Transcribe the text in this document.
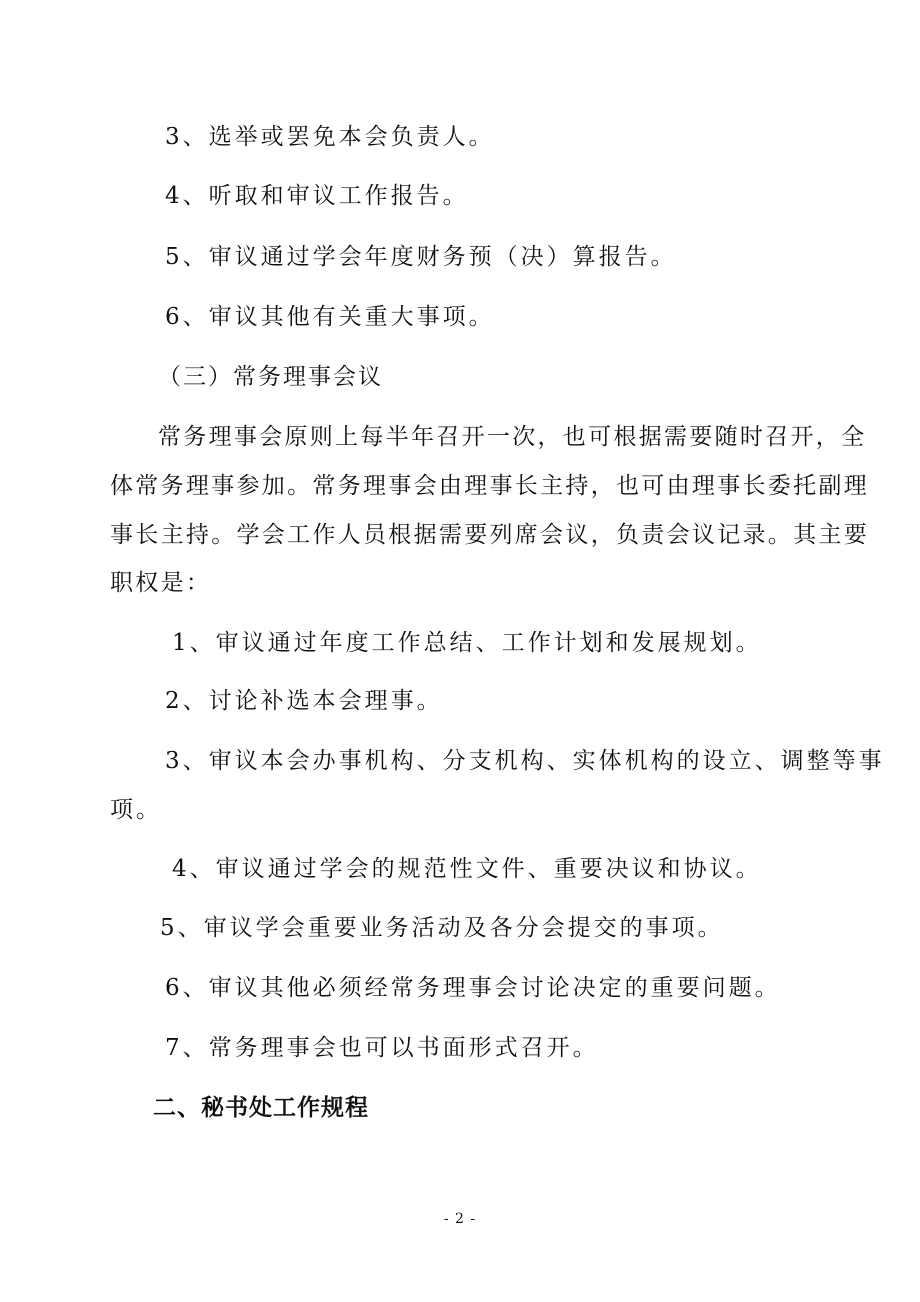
3、选举或罢免本会负责人。
4、听取和审议工作报告。
5、审议通过学会年度财务预（决）算报告。
6、审议其他有关重大事项。
（三）常务理事会议
常务理事会原则上每半年召开一次，也可根据需要随时召开，全
体常务理事参加。常务理事会由理事长主持，也可由理事长委托副理
事长主持。学会工作人员根据需要列席会议，负责会议记录。其主要
职权是：
1、审议通过年度工作总结、工作计划和发展规划。
2、讨论补选本会理事。
3、审议本会办事机构、分支机构、实体机构的设立、调整等事
项。
4、审议通过学会的规范性文件、重要决议和协议。
5、审议学会重要业务活动及各分会提交的事项。
6、审议其他必须经常务理事会讨论决定的重要问题。
7、常务理事会也可以书面形式召开。
二、秘书处工作规程
- 2 -
